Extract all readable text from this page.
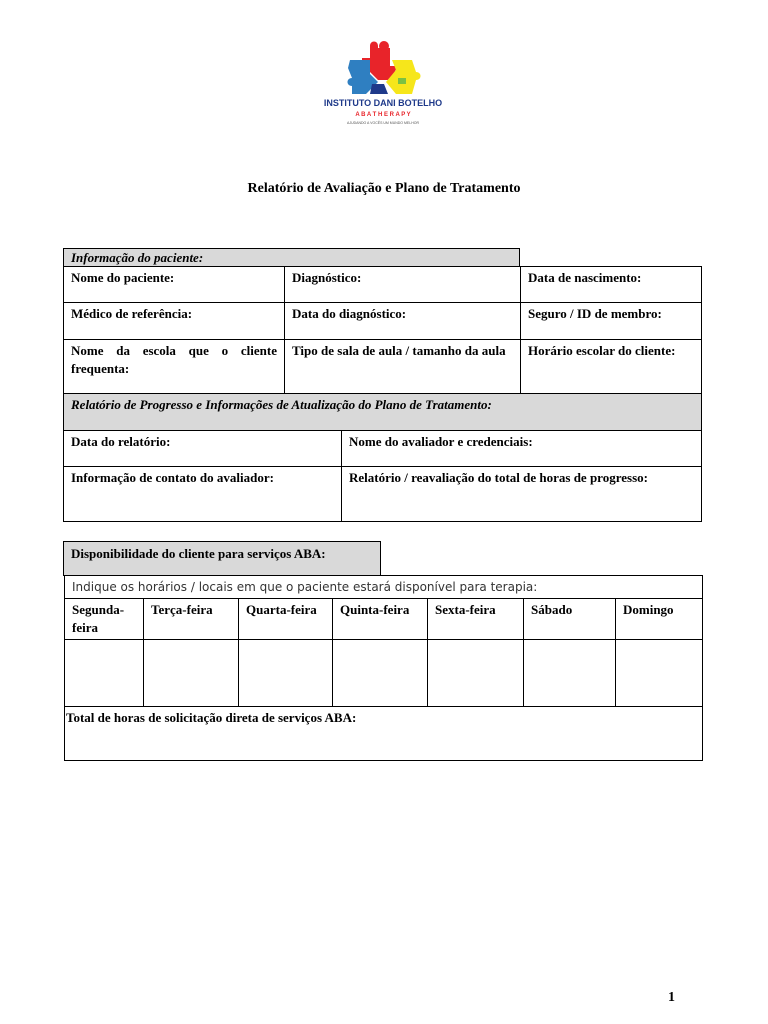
INSTITUTO DANI BOTELHO
A B A T H E R A P Y
AJUDANDO A VOCÊS UM MUNDO MELHOR
Relatório de Avaliação e Plano de Tratamento
Informação do paciente:
Nome do paciente:	Diagnóstico:	Data de nascimento:
Médico de referência:	Data do diagnóstico:	Seguro / ID de membro:
Nome da escola que o cliente frequenta:	Tipo de sala de aula / tamanho da aula	Horário escolar do cliente:
Relatório de Progresso e Informações de Atualização do Plano de Tratamento:	
Data do relatório:	Nome do avaliador e credenciais:
Informação de contato do avaliador:	Relatório / reavaliação do total de horas de progresso:
Disponibilidade do cliente para serviços ABA:
Indique os horários / locais em que o paciente estará disponível para terapia:						
Segunda-feira	Terça-feira	Quarta-feira	Quinta-feira	Sexta-feira	Sábado	Domingo

Total de horas de solicitação direta de serviços ABA:						
1
